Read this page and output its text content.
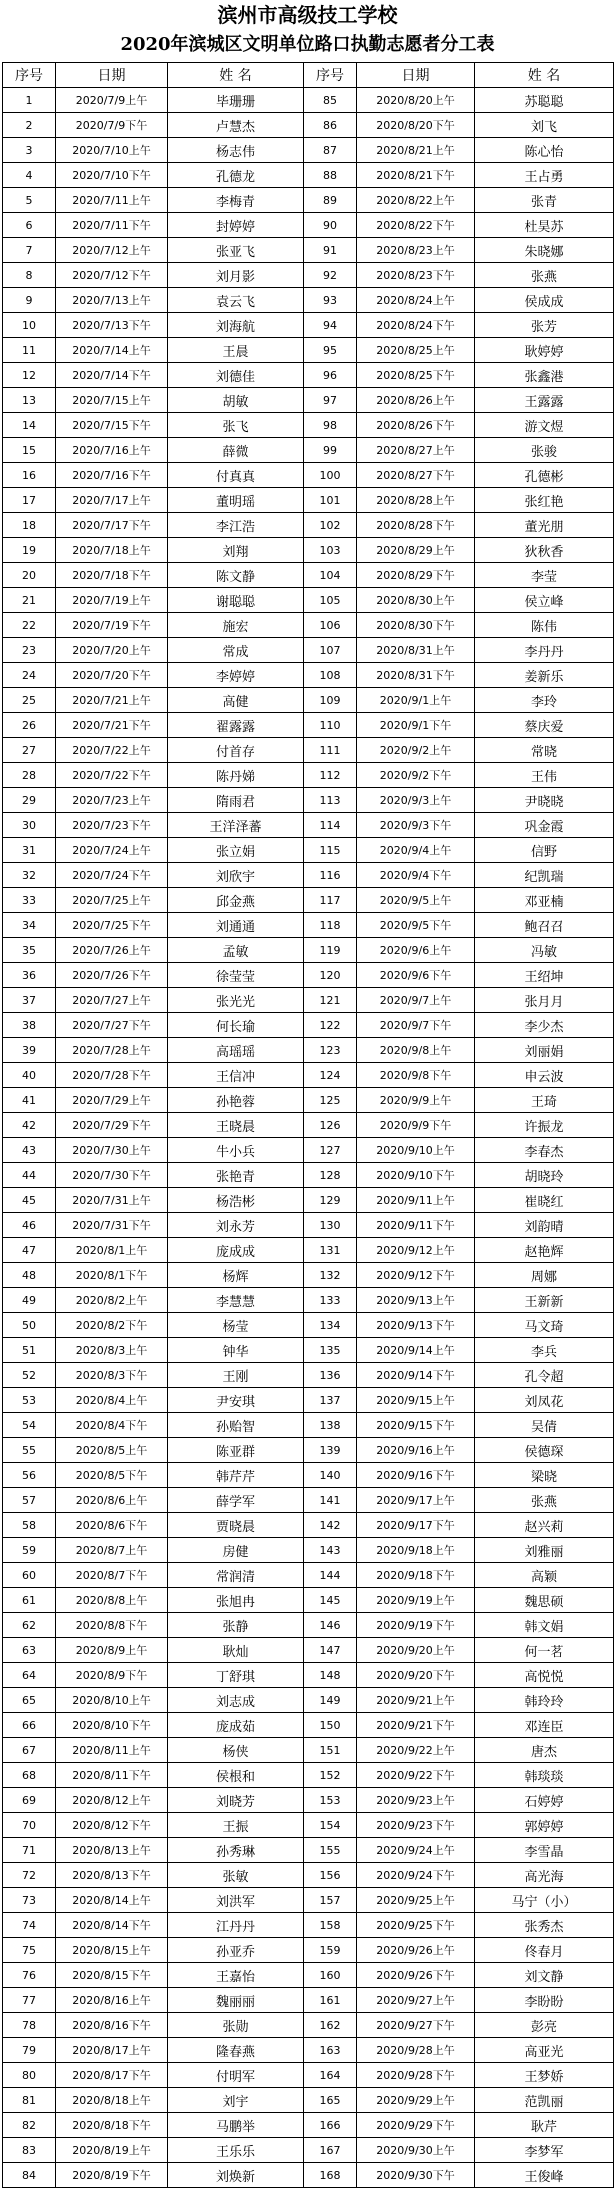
滨州市高级技工学校
2020年滨城区文明单位路口执勤志愿者分工表
序号	日期	姓 名	序号	日期	姓 名
1	2020/7/9上午	毕珊珊	85	2020/8/20上午	苏聪聪
2	2020/7/9下午	卢慧杰	86	2020/8/20下午	刘飞
3	2020/7/10上午	杨志伟	87	2020/8/21上午	陈心怡
4	2020/7/10下午	孔德龙	88	2020/8/21下午	王占勇
5	2020/7/11上午	李梅青	89	2020/8/22上午	张青
6	2020/7/11下午	封婷婷	90	2020/8/22下午	杜昊苏
7	2020/7/12上午	张亚飞	91	2020/8/23上午	朱晓娜
8	2020/7/12下午	刘月影	92	2020/8/23下午	张燕
9	2020/7/13上午	袁云飞	93	2020/8/24上午	侯成成
10	2020/7/13下午	刘海航	94	2020/8/24下午	张芳
11	2020/7/14上午	王晨	95	2020/8/25上午	耿婷婷
12	2020/7/14下午	刘德佳	96	2020/8/25下午	张鑫港
13	2020/7/15上午	胡敏	97	2020/8/26上午	王露露
14	2020/7/15下午	张飞	98	2020/8/26下午	游文煜
15	2020/7/16上午	薛微	99	2020/8/27上午	张骏
16	2020/7/16下午	付真真	100	2020/8/27下午	孔德彬
17	2020/7/17上午	董明瑶	101	2020/8/28上午	张红艳
18	2020/7/17下午	李江浩	102	2020/8/28下午	董光朋
19	2020/7/18上午	刘翔	103	2020/8/29上午	狄秋香
20	2020/7/18下午	陈文静	104	2020/8/29下午	李莹
21	2020/7/19上午	谢聪聪	105	2020/8/30上午	侯立峰
22	2020/7/19下午	施宏	106	2020/8/30下午	陈伟
23	2020/7/20上午	常成	107	2020/8/31上午	李丹丹
24	2020/7/20下午	李婷婷	108	2020/8/31下午	姜新乐
25	2020/7/21上午	高健	109	2020/9/1上午	李玲
26	2020/7/21下午	翟露露	110	2020/9/1下午	蔡庆爱
27	2020/7/22上午	付首存	111	2020/9/2上午	常晓
28	2020/7/22下午	陈丹娣	112	2020/9/2下午	王伟
29	2020/7/23上午	隋雨君	113	2020/9/3上午	尹晓晓
30	2020/7/23下午	王洋泽蕃	114	2020/9/3下午	巩金霞
31	2020/7/24上午	张立娟	115	2020/9/4上午	信野
32	2020/7/24下午	刘欣宇	116	2020/9/4下午	纪凯瑞
33	2020/7/25上午	邱金燕	117	2020/9/5上午	邓亚楠
34	2020/7/25下午	刘通通	118	2020/9/5下午	鲍召召
35	2020/7/26上午	孟敏	119	2020/9/6上午	冯敏
36	2020/7/26下午	徐莹莹	120	2020/9/6下午	王绍坤
37	2020/7/27上午	张光光	121	2020/9/7上午	张月月
38	2020/7/27下午	何长瑜	122	2020/9/7下午	李少杰
39	2020/7/28上午	高瑶瑶	123	2020/9/8上午	刘丽娟
40	2020/7/28下午	王信冲	124	2020/9/8下午	申云波
41	2020/7/29上午	孙艳蓉	125	2020/9/9上午	王琦
42	2020/7/29下午	王晓晨	126	2020/9/9下午	许振龙
43	2020/7/30上午	牛小兵	127	2020/9/10上午	李春杰
44	2020/7/30下午	张艳青	128	2020/9/10下午	胡晓玲
45	2020/7/31上午	杨浩彬	129	2020/9/11上午	崔晓红
46	2020/7/31下午	刘永芳	130	2020/9/11下午	刘韵晴
47	2020/8/1上午	庞成成	131	2020/9/12上午	赵艳辉
48	2020/8/1下午	杨辉	132	2020/9/12下午	周娜
49	2020/8/2上午	李慧慧	133	2020/9/13上午	王新新
50	2020/8/2下午	杨莹	134	2020/9/13下午	马文琦
51	2020/8/3上午	钟华	135	2020/9/14上午	李兵
52	2020/8/3下午	王刚	136	2020/9/14下午	孔令超
53	2020/8/4上午	尹安琪	137	2020/9/15上午	刘凤花
54	2020/8/4下午	孙贻智	138	2020/9/15下午	吴倩
55	2020/8/5上午	陈亚群	139	2020/9/16上午	侯德琛
56	2020/8/5下午	韩芹芹	140	2020/9/16下午	梁晓
57	2020/8/6上午	薛学军	141	2020/9/17上午	张燕
58	2020/8/6下午	贾晓晨	142	2020/9/17下午	赵兴莉
59	2020/8/7上午	房健	143	2020/9/18上午	刘雅丽
60	2020/8/7下午	常润清	144	2020/9/18下午	高颖
61	2020/8/8上午	张旭冉	145	2020/9/19上午	魏思硕
62	2020/8/8下午	张静	146	2020/9/19下午	韩文娟
63	2020/8/9上午	耿灿	147	2020/9/20上午	何一茗
64	2020/8/9下午	丁舒琪	148	2020/9/20下午	高悦悦
65	2020/8/10上午	刘志成	149	2020/9/21上午	韩玲玲
66	2020/8/10下午	庞成茹	150	2020/9/21下午	邓连臣
67	2020/8/11上午	杨侠	151	2020/9/22上午	唐杰
68	2020/8/11下午	侯根和	152	2020/9/22下午	韩琰琰
69	2020/8/12上午	刘晓芳	153	2020/9/23上午	石婷婷
70	2020/8/12下午	王振	154	2020/9/23下午	郭婷婷
71	2020/8/13上午	孙秀琳	155	2020/9/24上午	李雪晶
72	2020/8/13下午	张敏	156	2020/9/24下午	高光海
73	2020/8/14上午	刘洪军	157	2020/9/25上午	马宁（小）
74	2020/8/14下午	江丹丹	158	2020/9/25下午	张秀杰
75	2020/8/15上午	孙亚乔	159	2020/9/26上午	佟春月
76	2020/8/15下午	王嘉怡	160	2020/9/26下午	刘文静
77	2020/8/16上午	魏丽丽	161	2020/9/27上午	李盼盼
78	2020/8/16下午	张勋	162	2020/9/27下午	彭亮
79	2020/8/17上午	隆春燕	163	2020/9/28上午	高亚光
80	2020/8/17下午	付明军	164	2020/9/28下午	王梦娇
81	2020/8/18上午	刘宇	165	2020/9/29上午	范凯丽
82	2020/8/18下午	马鹏举	166	2020/9/29下午	耿芹
83	2020/8/19上午	王乐乐	167	2020/9/30上午	李梦军
84	2020/8/19下午	刘焕新	168	2020/9/30下午	王俊峰
